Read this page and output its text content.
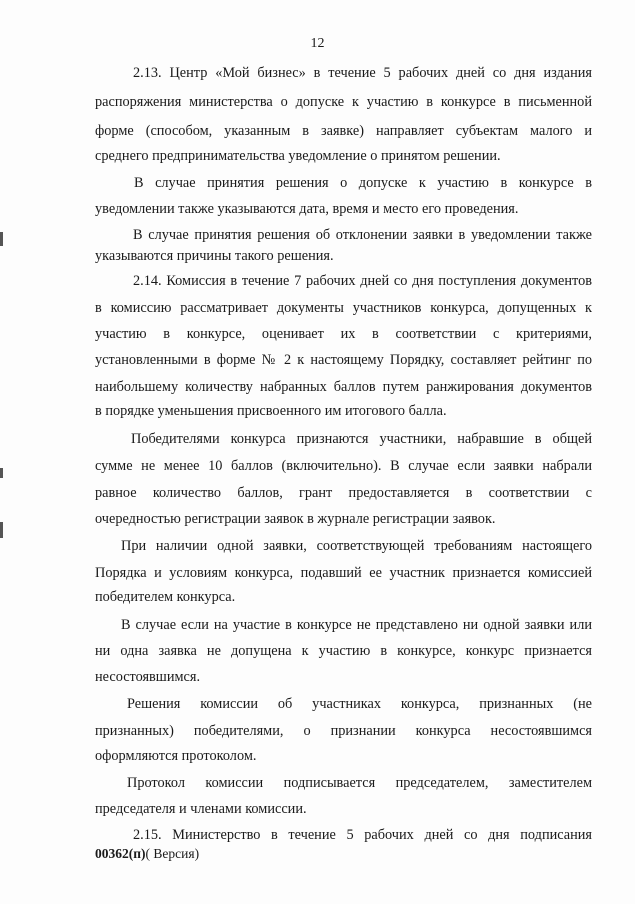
12
2.13. Центр «Мой бизнес» в течение 5 рабочих дней со дня издания
распоряжения министерства о допуске к участию в конкурсе в письменной
форме (способом, указанным в заявке) направляет субъектам малого и
среднего предпринимательства уведомление о принятом решении.
В случае принятия решения о допуске к участию в конкурсе в
уведомлении также указываются дата, время и место его проведения.
В случае принятия решения об отклонении заявки в уведомлении также
указываются причины такого решения.
2.14. Комиссия в течение 7 рабочих дней со дня поступления документов
в комиссию рассматривает документы участников конкурса, допущенных к
участию в конкурсе, оценивает их в соответствии с критериями,
установленными в форме № 2 к настоящему Порядку, составляет рейтинг по
наибольшему количеству набранных баллов путем ранжирования документов
в порядке уменьшения присвоенного им итогового балла.
Победителями конкурса признаются участники, набравшие в общей
сумме не менее 10 баллов (включительно). В случае если заявки набрали
равное количество баллов, грант предоставляется в соответствии с
очередностью регистрации заявок в журнале регистрации заявок.
При наличии одной заявки, соответствующей требованиям настоящего
Порядка и условиям конкурса, подавший ее участник признается комиссией
победителем конкурса.
В случае если на участие в конкурсе не представлено ни одной заявки или
ни одна заявка не допущена к участию в конкурсе, конкурс признается
несостоявшимся.
Решения комиссии об участниках конкурса, признанных (не
признанных) победителями, о признании конкурса несостоявшимся
оформляются протоколом.
Протокол комиссии подписывается председателем, заместителем
председателя и членами комиссии.
2.15. Министерство в течение 5 рабочих дней со дня подписания
00362(п)( Версия)
